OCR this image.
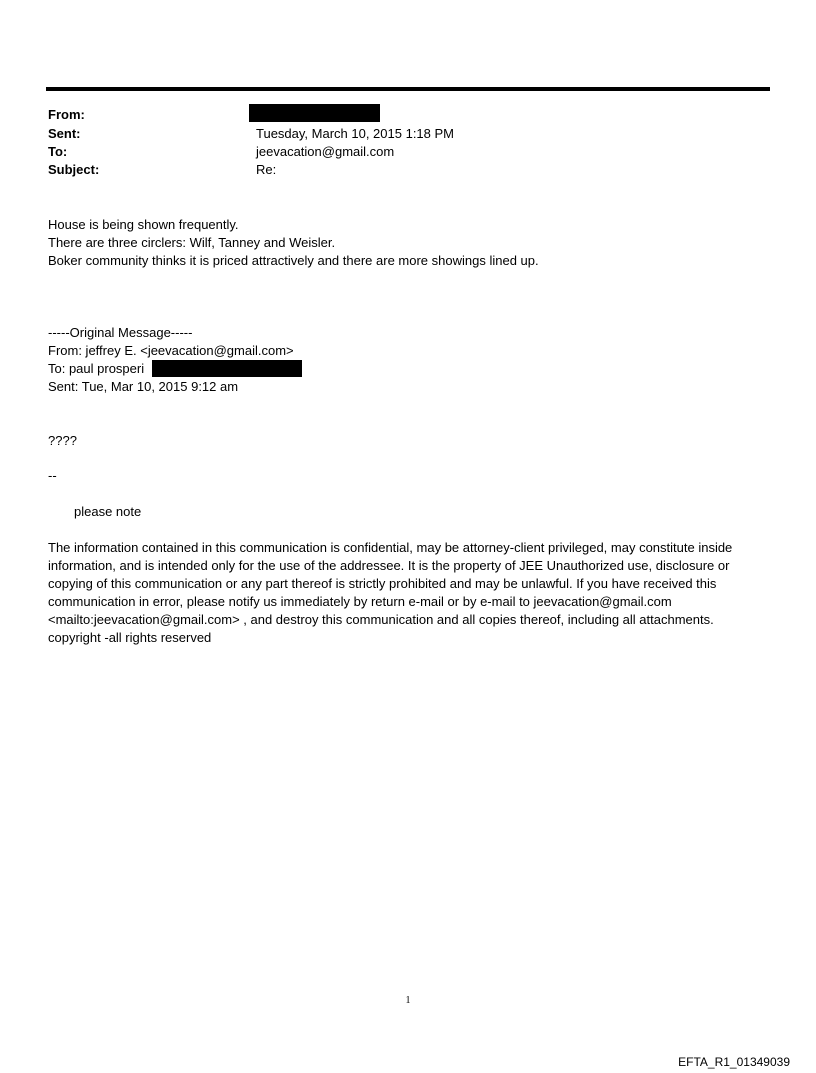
From:
Sent:	Tuesday, March 10, 2015 1:18 PM
To:	jeevacation@gmail.com
Subject:	Re:
House is being shown frequently.
There are three circlers: Wilf, Tanney and Weisler.
Boker community thinks it is priced attractively and there are more showings lined up.
-----Original Message-----
From: jeffrey E. <jeevacation@gmail.com>
To: paul prosperi
Sent: Tue, Mar 10, 2015 9:12 am
????
--
please note
The information contained in this communication is confidential, may be attorney-client privileged, may constitute inside information, and is intended only for the use of the addressee. It is the property of JEE Unauthorized use, disclosure or copying of this communication or any part thereof is strictly prohibited and may be unlawful. If you have received this communication in error, please notify us immediately by return e-mail or by e-mail to jeevacation@gmail.com <mailto:jeevacation@gmail.com> , and destroy this communication and all copies thereof, including all attachments. copyright -all rights reserved
1
EFTA_R1_01349039
